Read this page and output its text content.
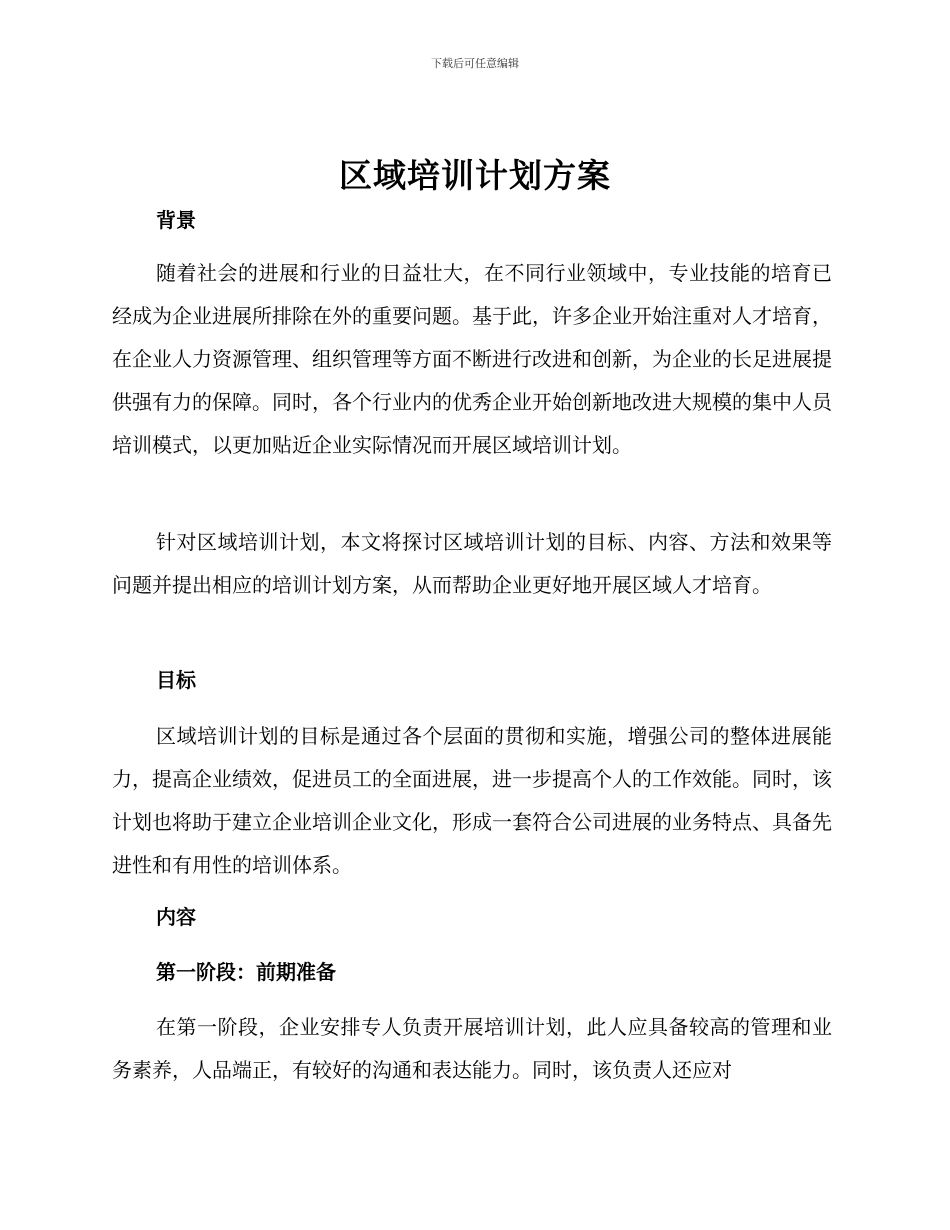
下载后可任意编辑
区域培训计划方案
背景

随着社会的进展和行业的日益壮大，在不同行业领域中，专业技能的培育已经成为企业进展所排除在外的重要问题。基于此，许多企业开始注重对人才培育，在企业人力资源管理、组织管理等方面不断进行改进和创新，为企业的长足进展提供强有力的保障。同时，各个行业内的优秀企业开始创新地改进大规模的集中人员培训模式，以更加贴近企业实际情况而开展区域培训计划。

针对区域培训计划，本文将探讨区域培训计划的目标、内容、方法和效果等问题并提出相应的培训计划方案，从而帮助企业更好地开展区域人才培育。

目标

区域培训计划的目标是通过各个层面的贯彻和实施，增强公司的整体进展能力，提高企业绩效，促进员工的全面进展，进一步提高个人的工作效能。同时，该计划也将助于建立企业培训企业文化，形成一套符合公司进展的业务特点、具备先进性和有用性的培训体系。

内容
第一阶段：前期准备

在第一阶段，企业安排专人负责开展培训计划，此人应具备较高的管理和业务素养，人品端正，有较好的沟通和表达能力。同时，该负责人还应对
